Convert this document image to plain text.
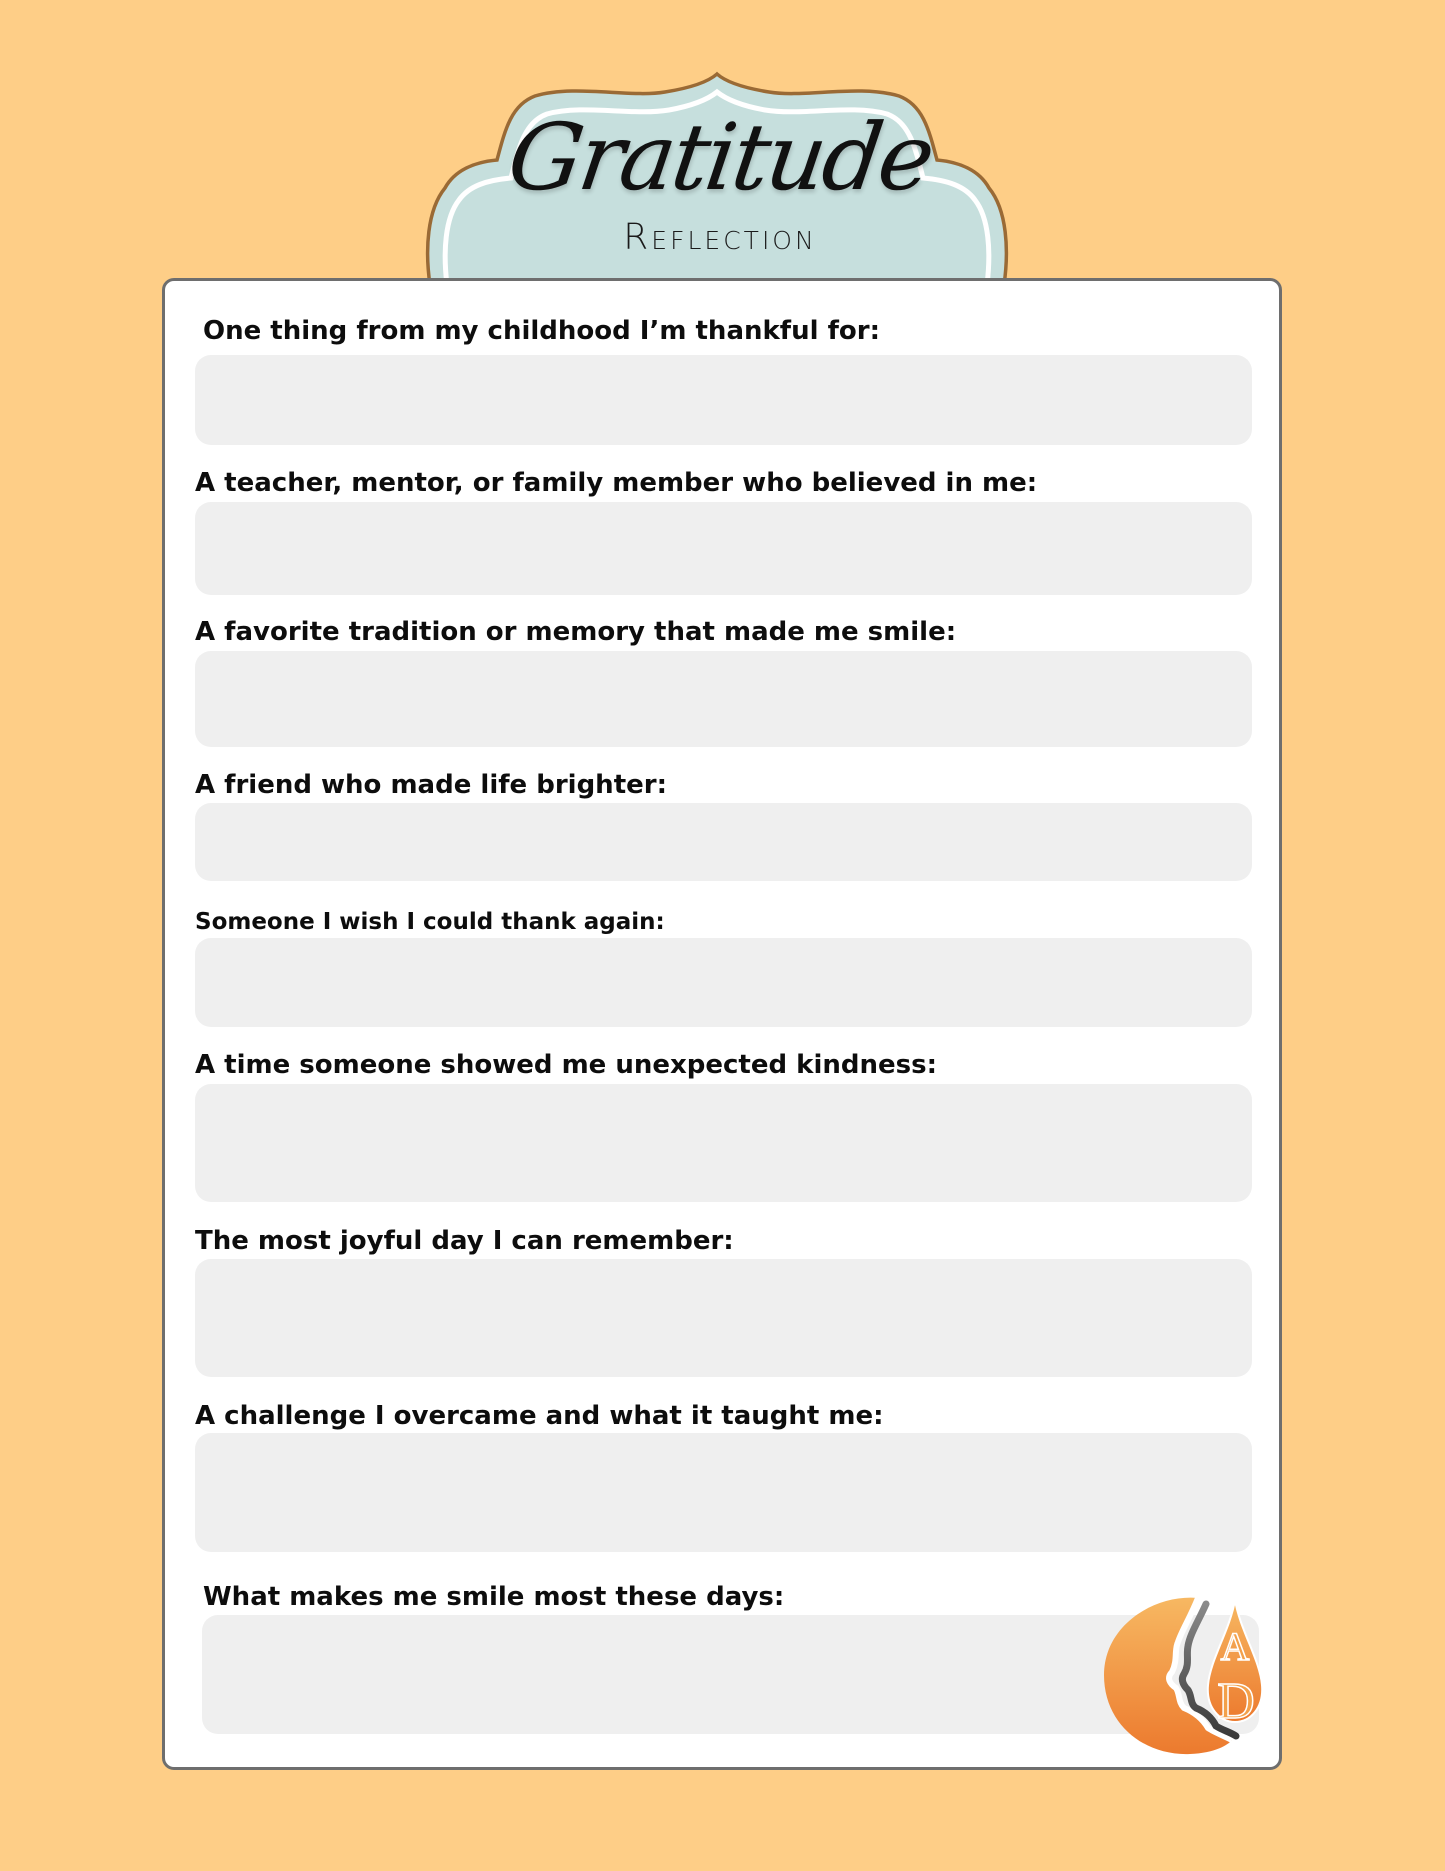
Gratitude
Reflection
One thing from my childhood I’m thankful for:
A teacher, mentor, or family member who believed in me:
A favorite tradition or memory that made me smile:
A friend who made life brighter:
Someone I wish I could thank again:
A time someone showed me unexpected kindness:
The most joyful day I can remember:
A challenge I overcame and what it taught me:
What makes me smile most these days:
A
D
